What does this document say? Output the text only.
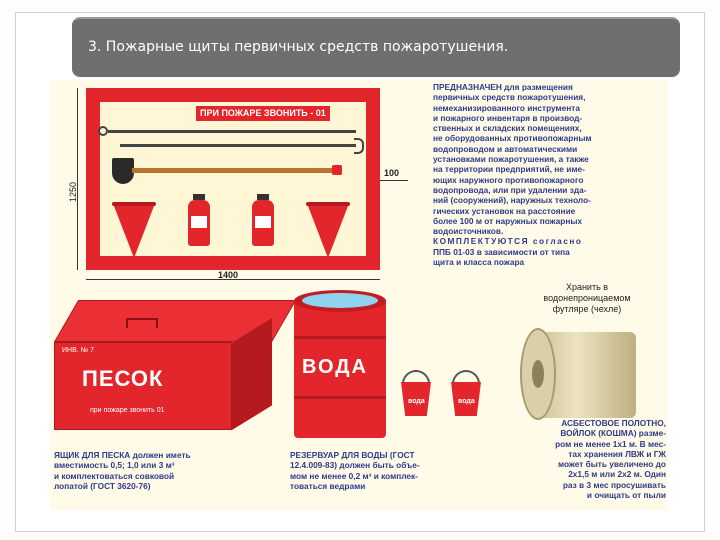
3. Пожарные щиты первичных средств пожаротушения.
ПРИ ПОЖАРЕ ЗВОНИТЬ - 01
1250
1400
100
ПРЕДНАЗНАЧЕН для размещения
первичных средств пожаротушения,
немеханизированного инструмента
и пожарного инвентаря в производ-
ственных и складских помещениях,
не оборудованных противопожарным
водопроводом и автоматическими
установками пожаротушения, а также
на территории предприятий, не име-
ющих наружного противопожарного
водопровода, или при удалении зда-
ний (сооружений), наружных техноло-
гических установок на расстояние
более 100 м от наружных пожарных
водоисточников.
КОМПЛЕКТУЮТСЯ согласно
ППБ 01-03 в зависимости от типа
щита и класса пожара
Хранить в
водонепроницаемом
футляре (чехле)
ИНВ. № 7
ПЕСОК
при пожаре звонить 01
ЯЩИК ДЛЯ ПЕСКА должен иметь
вместимость 0,5; 1,0 или 3 м³
и комплектоваться совковой
лопатой (ГОСТ 3620-76)
ВОДА
вода	вода
РЕЗЕРВУАР ДЛЯ ВОДЫ (ГОСТ
12.4.009-83) должен быть объе-
мом не менее 0,2 м³ и комплек-
товаться ведрами
АСБЕСТОВОЕ ПОЛОТНО,
ВОЙЛОК (КОШМА) разме-
ром не менее 1х1 м. В мес-
тах хранения ЛВЖ и ГЖ
может быть увеличено до
2х1,5 м или 2х2 м. Один
раз в 3 мес просушивать
и очищать от пыли
